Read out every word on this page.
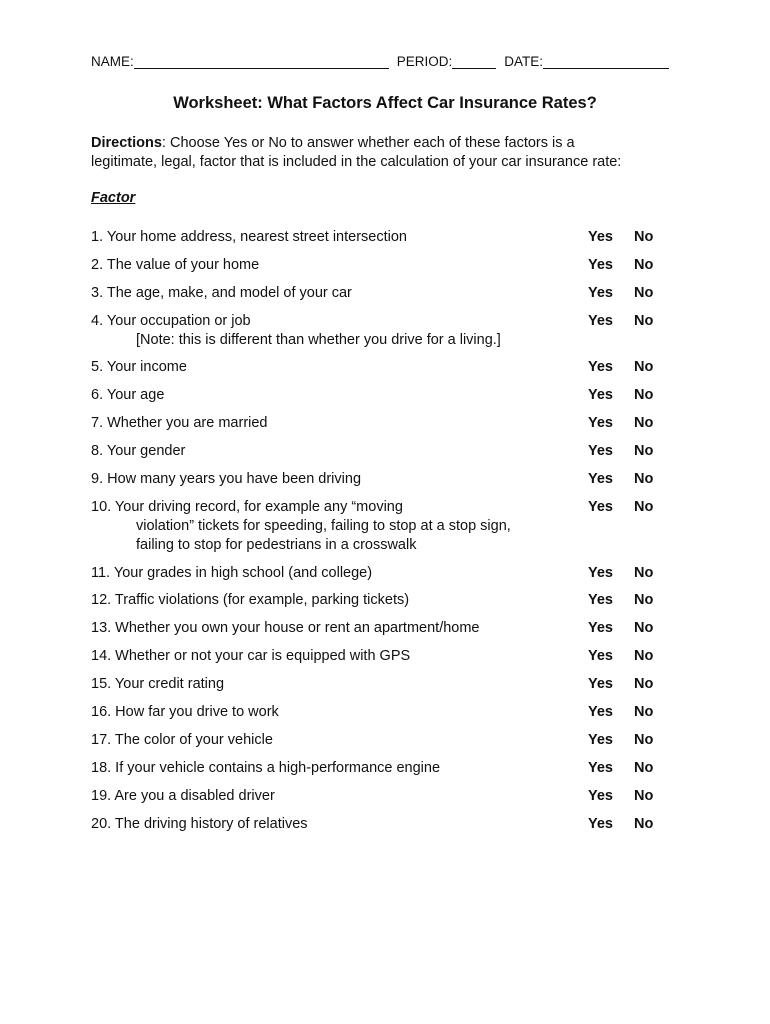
NAME:	PERIOD:	DATE:
Worksheet: What Factors Affect Car Insurance Rates?
Directions: Choose Yes or No to answer whether each of these factors is a legitimate, legal, factor that is included in the calculation of your car insurance rate:
Factor
1. Your home address, nearest street intersection	Yes No
2. The value of your home	Yes No
3. The age, make, and model of your car	Yes No
4. Your occupation or job
[Note: this is different than whether you drive for a living.]
Yes No
5. Your income	Yes No
6. Your age	Yes No
7. Whether you are married	Yes No
8. Your gender	Yes No
9. How many years you have been driving	Yes No
10. Your driving record, for example any “moving
violation” tickets for speeding, failing to stop at a stop sign,
failing to stop for pedestrians in a crosswalk
Yes No
11. Your grades in high school (and college)	Yes No
12. Traffic violations (for example, parking tickets)	Yes No
13. Whether you own your house or rent an apartment/home	Yes No
14. Whether or not your car is equipped with GPS	Yes No
15. Your credit rating	Yes No
16. How far you drive to work	Yes No
17. The color of your vehicle	Yes No
18. If your vehicle contains a high-performance engine	Yes No
19. Are you a disabled driver	Yes No
20. The driving history of relatives	Yes No
